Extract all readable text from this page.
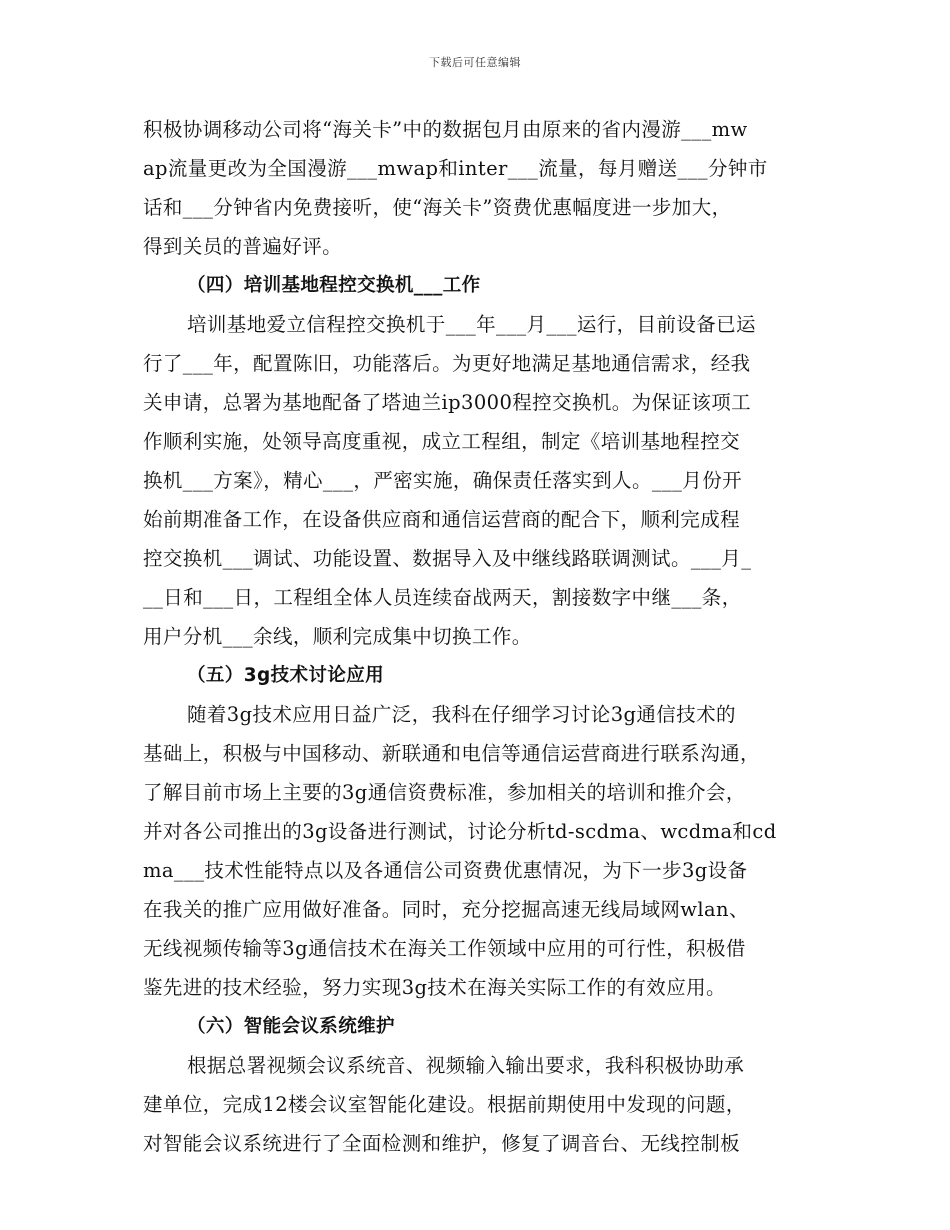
下载后可任意编辑
积极协调移动公司将“海关卡”中的数据包月由原来的省内漫游___mw
ap流量更改为全国漫游___mwap和inter___流量，每月赠送___分钟市
话和___分钟省内免费接听，使“海关卡”资费优惠幅度进一步加大，
得到关员的普遍好评。
（四）培训基地程控交换机___工作
培训基地爱立信程控交换机于___年___月___运行，目前设备已运
行了___年，配置陈旧，功能落后。为更好地满足基地通信需求，经我
关申请，总署为基地配备了塔迪兰ip3000程控交换机。为保证该项工
作顺利实施，处领导高度重视，成立工程组，制定《培训基地程控交
换机___方案》，精心___，严密实施，确保责任落实到人。___月份开
始前期准备工作，在设备供应商和通信运营商的配合下，顺利完成程
控交换机___调试、功能设置、数据导入及中继线路联调测试。___月_
__日和___日，工程组全体人员连续奋战两天，割接数字中继___条，
用户分机___余线，顺利完成集中切换工作。
（五）3g技术讨论应用
随着3g技术应用日益广泛，我科在仔细学习讨论3g通信技术的
基础上，积极与中国移动、新联通和电信等通信运营商进行联系沟通，
了解目前市场上主要的3g通信资费标准，参加相关的培训和推介会，
并对各公司推出的3g设备进行测试，讨论分析td-scdma、wcdma和cd
ma___技术性能特点以及各通信公司资费优惠情况，为下一步3g设备
在我关的推广应用做好准备。同时，充分挖掘高速无线局域网wlan、
无线视频传输等3g通信技术在海关工作领域中应用的可行性，积极借
鉴先进的技术经验，努力实现3g技术在海关实际工作的有效应用。
（六）智能会议系统维护
根据总署视频会议系统音、视频输入输出要求，我科积极协助承
建单位，完成12楼会议室智能化建设。根据前期使用中发现的问题，
对智能会议系统进行了全面检测和维护，修复了调音台、无线控制板
